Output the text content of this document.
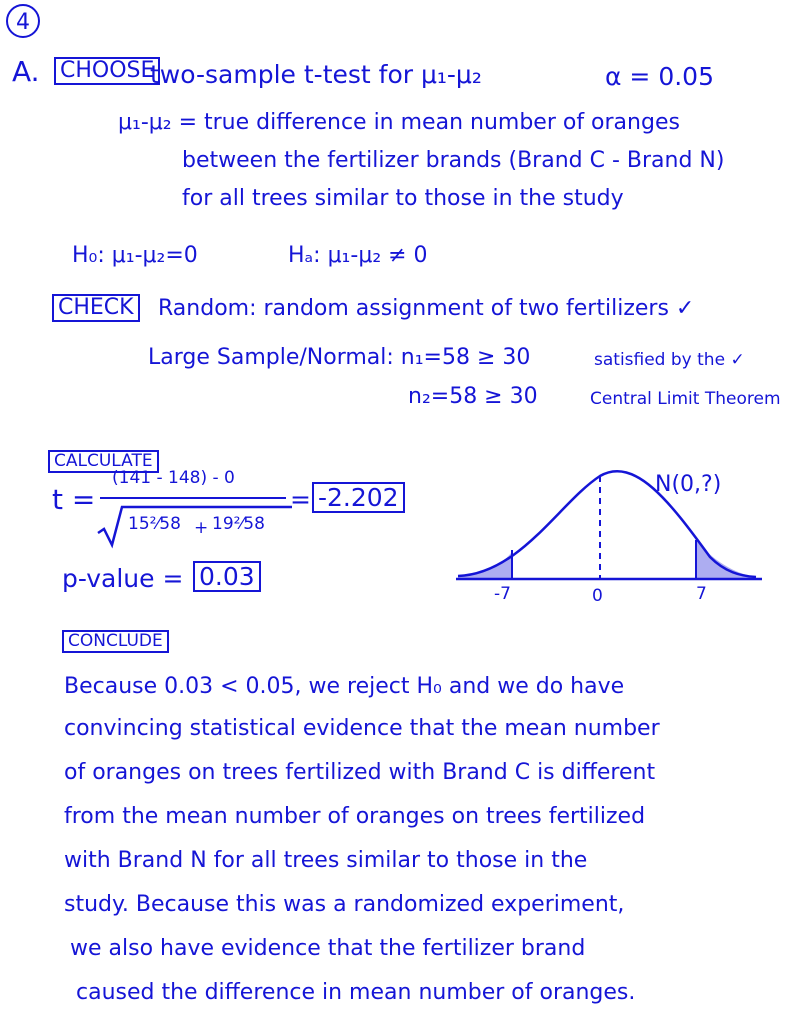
4
A. CHOOSE
two-sample t-test for μ₁-μ₂	α = 0.05
μ₁-μ₂ = true difference in mean number of oranges
between the fertilizer brands (Brand C - Brand N)
for all trees similar to those in the study
H₀: μ₁-μ₂=0	Hₐ: μ₁-μ₂ ≠ 0
CHECK Random: random assignment of two fertilizers ✓
Large Sample/Normal: n₁=58 ≥ 30	satisfied by the ✓
n₂=58 ≥ 30	Central Limit Theorem
CALCULATE
t =
(141 - 148) - 0
15²⁄58 + 19²⁄58
= -2.202
p-value = 0.03
N(0,?)
-7	0	7
CONCLUDE
Because 0.03 < 0.05, we reject H₀ and we do have
convincing statistical evidence that the mean number
of oranges on trees fertilized with Brand C is different
from the mean number of oranges on trees fertilized
with Brand N for all trees similar to those in the
study. Because this was a randomized experiment,
we also have evidence that the fertilizer brand
caused the difference in mean number of oranges.
